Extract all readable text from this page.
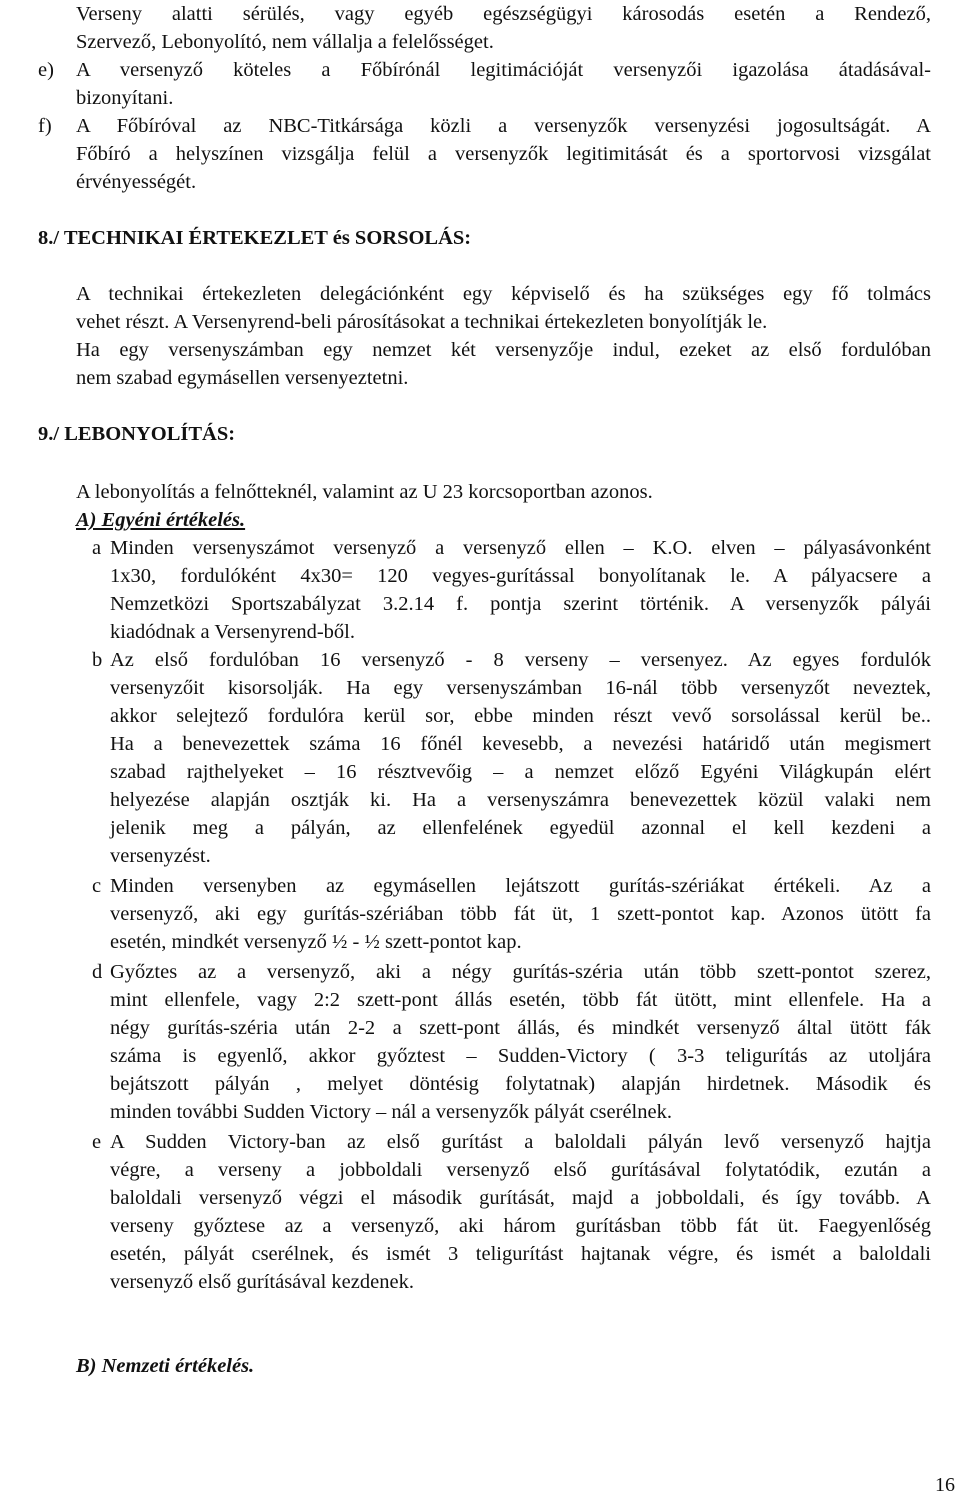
Verseny alatti sérülés, vagy egyéb egészségügyi károsodás esetén a Rendező,
Szervező, Lebonyolító, nem vállalja a felelősséget.
e) A versenyző köteles a Főbírónál legitimációját versenyzői igazolása átadásával-
bizonyítani.
f) A Főbíróval az NBC-Titkársága közli a versenyzők versenyzési jogosultságát. A
Főbíró a helyszínen vizsgálja felül a versenyzők legitimitását és a sportorvosi vizsgálat
érvényességét.
8./ TECHNIKAI ÉRTEKEZLET és SORSOLÁS:
A technikai értekezleten delegációnként egy képviselő és ha szükséges egy fő tolmács
vehet részt. A Versenyrend-beli párosításokat a technikai értekezleten bonyolítják le.
Ha egy versenyszámban egy nemzet két versenyzője indul, ezeket az első fordulóban
nem szabad egymásellen versenyeztetni.
9./ LEBONYOLÍTÁS:
A lebonyolítás a felnőtteknél, valamint az U 23 korcsoportban azonos.
A) Egyéni értékelés.
a Minden versenyszámot versenyző a versenyző ellen – K.O. elven – pályasávonként
1x30, fordulóként 4x30= 120 vegyes-gurítással bonyolítanak le. A pályacsere a
Nemzetközi Sportszabályzat 3.2.14 f. pontja szerint történik. A versenyzők pályái
kiadódnak a Versenyrend-ből.
b Az első fordulóban 16 versenyző - 8 verseny – versenyez. Az egyes fordulók
versenyzőit kisorsolják. Ha egy versenyszámban 16-nál több versenyzőt neveztek,
akkor selejtező fordulóra kerül sor, ebbe minden részt vevő sorsolással kerül be..
Ha a benevezettek száma 16 főnél kevesebb, a nevezési határidő után megismert
szabad rajthelyeket – 16 résztvevőig – a nemzet előző Egyéni Világkupán elért
helyezése alapján osztják ki. Ha a versenyszámra benevezettek közül valaki nem
jelenik meg a pályán, az ellenfelének egyedül azonnal el kell kezdeni a
versenyzést.
c Minden versenyben az egymásellen lejátszott gurítás-szériákat értékeli. Az a
versenyző, aki egy gurítás-szériában több fát üt, 1 szett-pontot kap. Azonos ütött fa
esetén, mindkét versenyző ½ - ½ szett-pontot kap.
d Győztes az a versenyző, aki a négy gurítás-széria után több szett-pontot szerez,
mint ellenfele, vagy 2:2 szett-pont állás esetén, több fát ütött, mint ellenfele. Ha a
négy gurítás-széria után 2-2 a szett-pont állás, és mindkét versenyző által ütött fák
száma is egyenlő, akkor győztest – Sudden-Victory ( 3-3 teligurítás az utoljára
bejátszott pályán , melyet döntésig folytatnak) alapján hirdetnek. Második és
minden további Sudden Victory – nál a versenyzők pályát cserélnek.
e A Sudden Victory-ban az első gurítást a baloldali pályán levő versenyző hajtja
végre, a verseny a jobboldali versenyző első gurításával folytatódik, ezután a
baloldali versenyző végzi el második gurítását, majd a jobboldali, és így tovább. A
verseny győztese az a versenyző, aki három gurításban több fát üt. Faegyenlőség
esetén, pályát cserélnek, és ismét 3 teligurítást hajtanak végre, és ismét a baloldali
versenyző első gurításával kezdenek.
B) Nemzeti értékelés.
16
